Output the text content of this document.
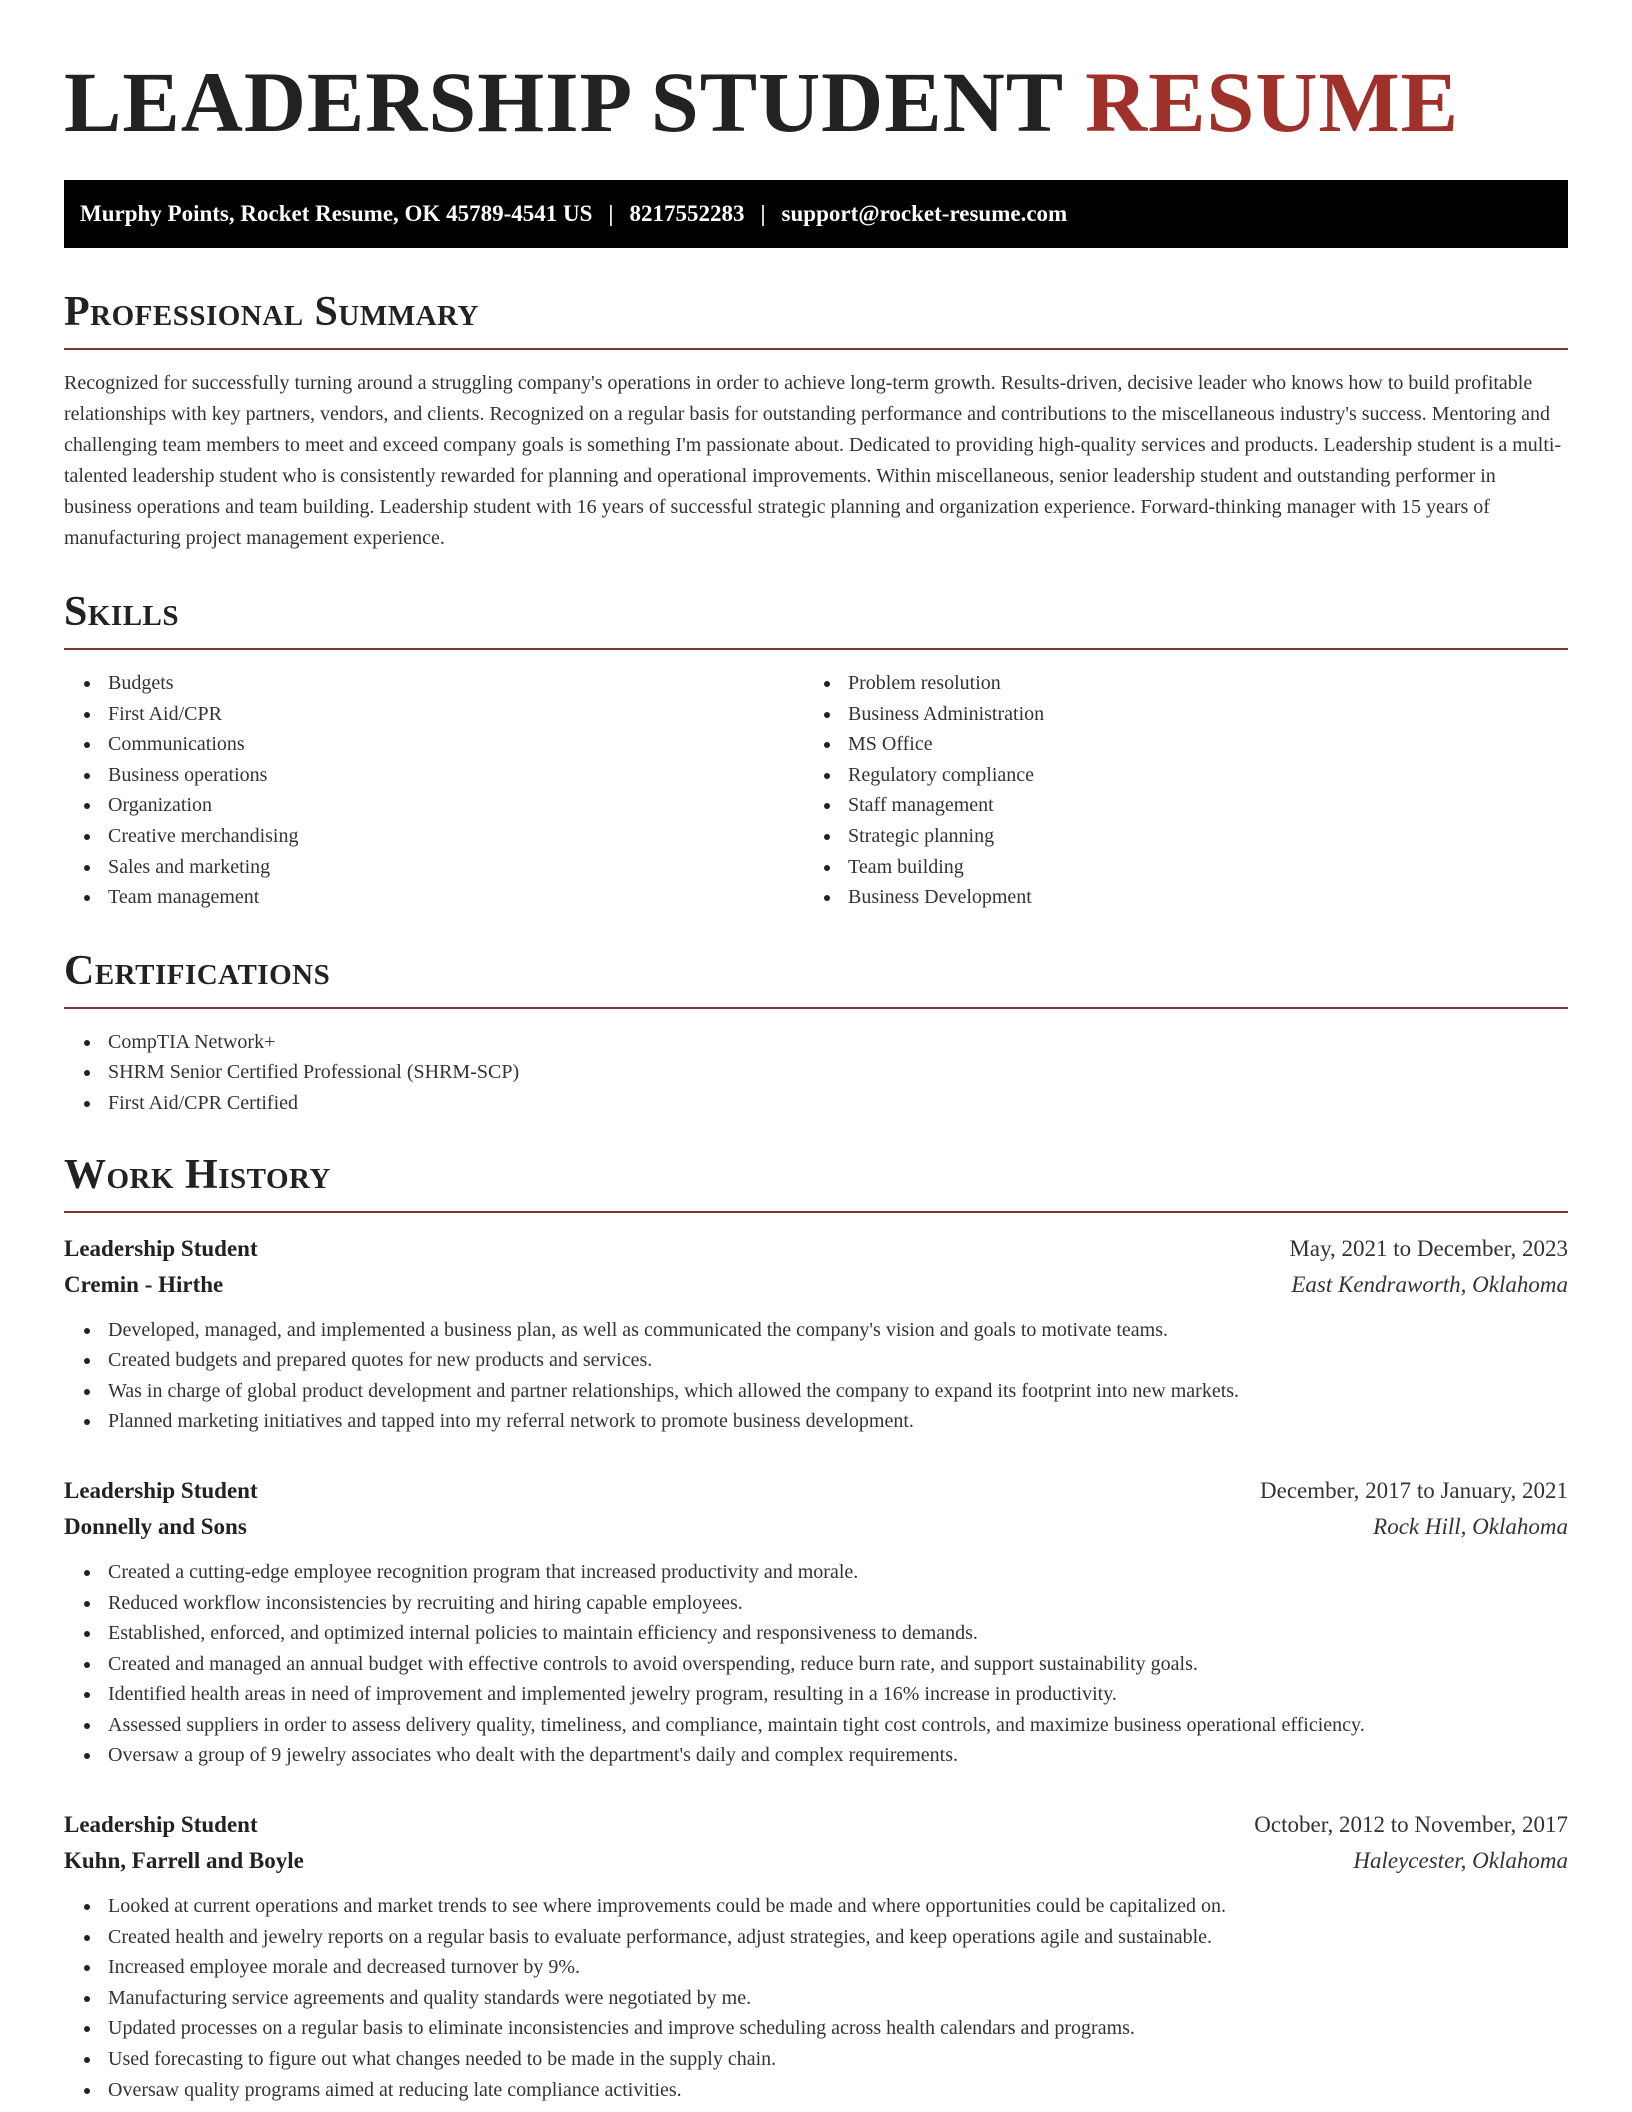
LEADERSHIP STUDENT RESUME
Murphy Points, Rocket Resume, OK 45789-4541 US | 8217552283 | support@rocket-resume.com
Professional Summary

Recognized for successfully turning around a struggling company's operations in order to achieve long-term growth. Results-driven, decisive leader who knows how to build profitable relationships with key partners, vendors, and clients. Recognized on a regular basis for outstanding performance and contributions to the miscellaneous industry's success. Mentoring and challenging team members to meet and exceed company goals is something I'm passionate about. Dedicated to providing high-quality services and products. Leadership student is a multi-talented leadership student who is consistently rewarded for planning and operational improvements. Within miscellaneous, senior leadership student and outstanding performer in business operations and team building. Leadership student with 16 years of successful strategic planning and organization experience. Forward-thinking manager with 15 years of manufacturing project management experience.

Skills
Budgets
First Aid/CPR
Communications
Business operations
Organization
Creative merchandising
Sales and marketing
Team management
Problem resolution
Business Administration
MS Office
Regulatory compliance
Staff management
Strategic planning
Team building
Business Development
Certifications
CompTIA Network+
SHRM Senior Certified Professional (SHRM-SCP)
First Aid/CPR Certified
Work History
Leadership Student	May, 2021 to December, 2023
Cremin - Hirthe	East Kendraworth, Oklahoma
Developed, managed, and implemented a business plan, as well as communicated the company's vision and goals to motivate teams.
Created budgets and prepared quotes for new products and services.
Was in charge of global product development and partner relationships, which allowed the company to expand its footprint into new markets.
Planned marketing initiatives and tapped into my referral network to promote business development.
Leadership Student	December, 2017 to January, 2021
Donnelly and Sons	Rock Hill, Oklahoma
Created a cutting-edge employee recognition program that increased productivity and morale.
Reduced workflow inconsistencies by recruiting and hiring capable employees.
Established, enforced, and optimized internal policies to maintain efficiency and responsiveness to demands.
Created and managed an annual budget with effective controls to avoid overspending, reduce burn rate, and support sustainability goals.
Identified health areas in need of improvement and implemented jewelry program, resulting in a 16% increase in productivity.
Assessed suppliers in order to assess delivery quality, timeliness, and compliance, maintain tight cost controls, and maximize business operational efficiency.
Oversaw a group of 9 jewelry associates who dealt with the department's daily and complex requirements.
Leadership Student	October, 2012 to November, 2017
Kuhn, Farrell and Boyle	Haleycester, Oklahoma
Looked at current operations and market trends to see where improvements could be made and where opportunities could be capitalized on.
Created health and jewelry reports on a regular basis to evaluate performance, adjust strategies, and keep operations agile and sustainable.
Increased employee morale and decreased turnover by 9%.
Manufacturing service agreements and quality standards were negotiated by me.
Updated processes on a regular basis to eliminate inconsistencies and improve scheduling across health calendars and programs.
Used forecasting to figure out what changes needed to be made in the supply chain.
Oversaw quality programs aimed at reducing late compliance activities.
